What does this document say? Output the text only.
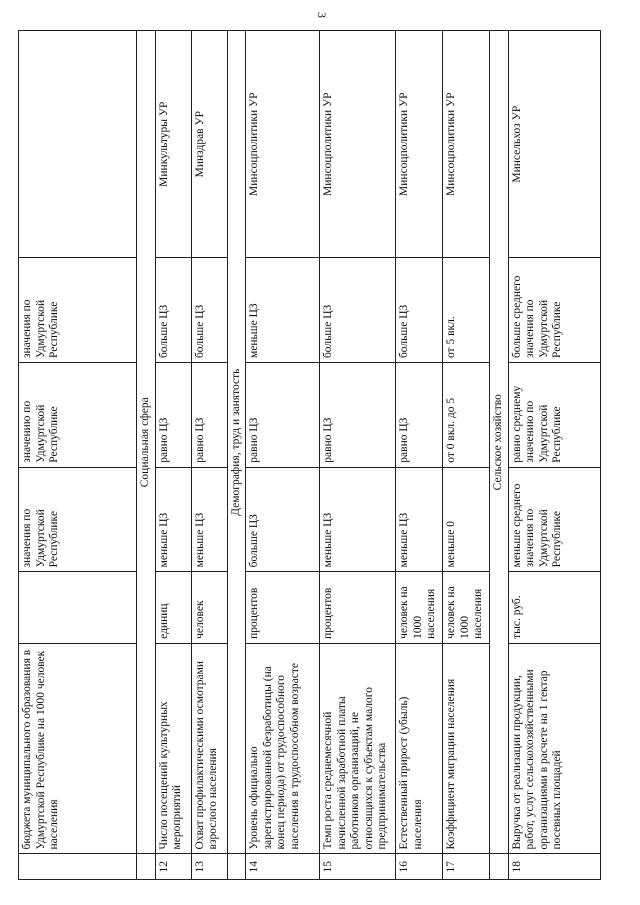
3
	бюджета муниципального образования в Удмуртской Республике на 1000 человек населения		значения по Удмуртской Республике	значению по Удмуртской Республике	значения по Удмуртской Республике	
	Социальная сфера					
12	Число посещений культурных мероприятий	единиц	меньше ЦЗ	равно ЦЗ	больше ЦЗ	Минкультуры УР
13	Охват профилактическими осмотрами взрослого населения	человек	меньше ЦЗ	равно ЦЗ	больше ЦЗ	Минздрав УР
	Демография, труд и занятость					
14	Уровень официально зарегистрированной безработицы (на конец периода) от трудоспособного населения в трудоспособном возрасте	процентов	больше ЦЗ	равно ЦЗ	меньше ЦЗ	Минсоцполитики УР
15	Темп роста среднемесячной начисленной заработной платы работников организаций, не относящихся к субъектам малого предпринимательства	процентов	меньше ЦЗ	равно ЦЗ	больше ЦЗ	Минсоцполитики УР
16	Естественный прирост (убыль) населения	человек на 1000 населения	меньше ЦЗ	равно ЦЗ	больше ЦЗ	Минсоцполитики УР
17	Коэффициент миграции населения	человек на 1000 населения	меньше 0	от 0 вкл. до 5	от 5 вкл.	Минсоцполитики УР
	Сельское хозяйство					
18	Выручка от реализации продукции, работ, услуг сельскохозяйственными организациями в расчете на 1 гектар посевных площадей	тыс. руб.	меньше среднего значения по Удмуртской Республике	равно среднему значению по Удмуртской Республике	больше среднего значения по Удмуртской Республике	Минсельхоз УР
